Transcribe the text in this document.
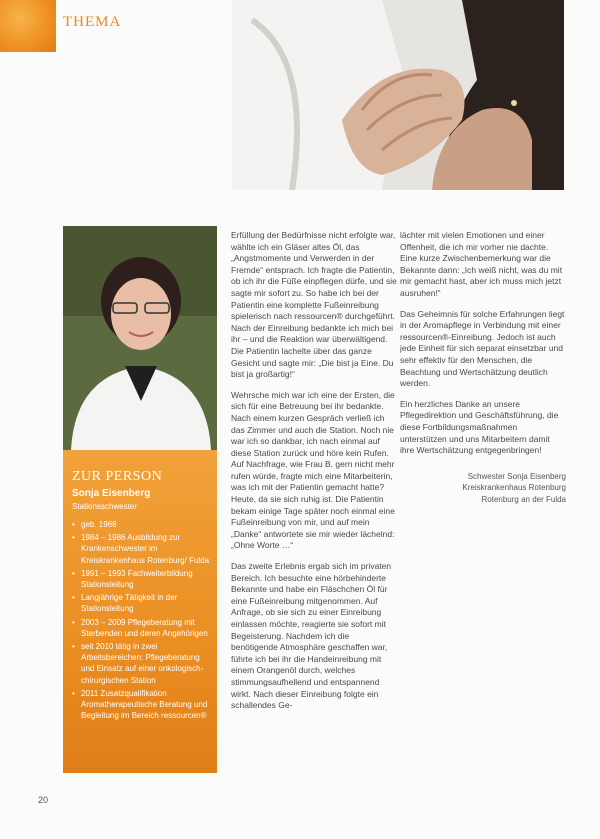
THEMA
ZUR PERSON
Sonja Eisenberg
Stationsschwester
• geb. 1966
• 1984 – 1986 Ausbildung zur Krankenschwester im Kreiskrankenhaus Rotenburg/ Fulda
• 1991 – 1993 Fachweiterbildung Stationsleitung
• Langjährige Tätigkeit in der Stationsleitung
• 2003 – 2009 Pflegeberatung mit Sterbenden und deren Angehörigen
• seit 2010 tätig in zwei Arbeitsbereichen: Pflegeberatung und Einsatz auf einer onkologisch-chirurgischen Station
• 2011 Zusatzqualifikation Aromatherapeutische Beratung und Begleitung im Bereich ressourcen®

Erfüllung der Bedürfnisse nicht erfolgte war, wählte ich ein Gläser altes Öl, das „Angstmomente und Verwerden in der Fremde“ entsprach. Ich fragte die Patientin, ob ich ihr die Füße einpflegen dürfe, und sie sagte mir sofort zu. So habe ich bei der Patientin eine komplette Fußeinreibung spielerisch nach ressourcen® durchgeführt. Nach der Einreibung bedankte ich mich bei ihr – und die Reaktion war überwältigend. Die Patientin lachelte über das ganze Gesicht und sagte mir: „Die bist ja Eine. Du bist ja großartig!“

Wehrsche mich war ich eine der Ersten, die sich für eine Betreuung bei ihr bedankte. Nach einem kurzen Gespräch verließ ich das Zimmer und auch die Station. Noch nie war ich so dankbar, ich nach einmal auf diese Station zurück und höre kein Rufen. Auf Nachfrage, wie Frau B. gern nicht mehr rufen würde, fragte mich eine Mitarbeiterin, was ich mit der Patientin gemacht hatte? Heute, da sie sich ruhig ist. Die Patientin bekam einige Tage später noch einmal eine Fußeinreibung von mir, und auf mein „Danke“ antwortete sie mir wieder lächelnd: „Ohne Worte …“

Das zweite Erlebnis ergab sich im privaten Bereich. Ich besuchte eine hörbehinderte Bekannte und habe ein Fläschchen Öl für eine Fußeinreibung mitgenommen. Auf Anfrage, ob sie sich zu einer Einreibung einlassen möchte, reagierte sie sofort mit Begeisterung. Nachdem ich die benötigende Atmosphäre geschaffen war, führte ich bei ihr die Handeinreibung mit einem Orangenöl durch, welches stimmungsaufhellend und entspannend wirkt. Nach dieser Einreibung folgte ein schallendes Ge-

lächter mit vielen Emotionen und einer Offenheit, die ich mir vorher nie dachte. Eine kurze Zwischenbemerkung war die Bekannte dann: „Ich weiß nicht, was du mit mir gemacht hast, aber ich muss mich jetzt ausruhen!“

Das Geheimnis für solche Erfahrungen liegt in der Aromapflege in Verbindung mit einer ressourcen®-Einreibung. Jedoch ist auch jede Einheit für sich separat einsetzbar und sehr effektiv für den Menschen, die Beachtung und Wertschätzung deutlich werden.

Ein herzliches Danke an unsere Pflegedirektion und Geschäftsführung, die diese Fortbildungsmaßnahmen unterstützen und uns Mitarbeitern damit ihre Wertschätzung entgegenbringen!

Schwester Sonja Eisenberg
Kreiskrankenhaus Rotenburg
Rotenburg an der Fulda
20
